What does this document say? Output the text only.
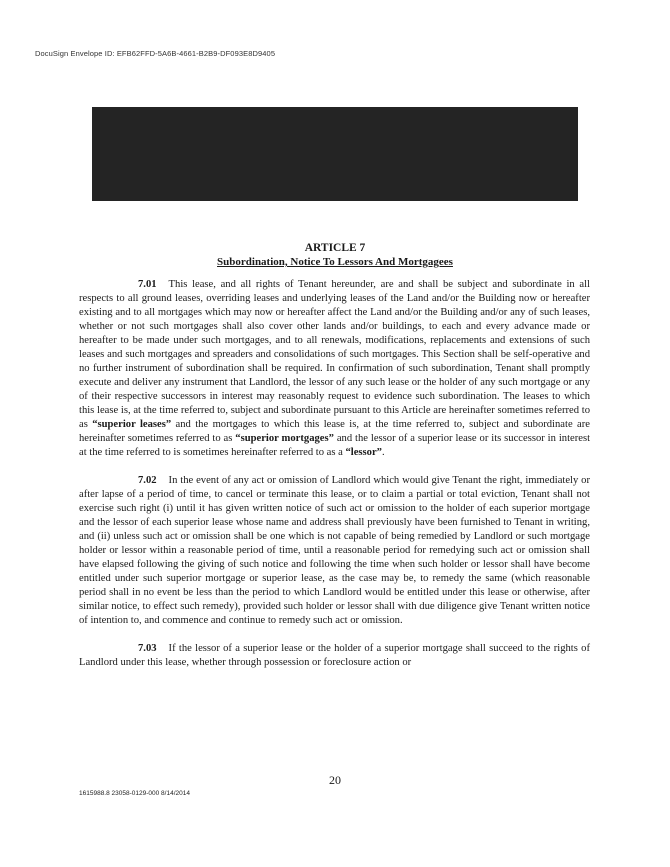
DocuSign Envelope ID: EFB62FFD-5A6B-4661-B2B9-DF093E8D9405
ARTICLE 7
Subordination, Notice To Lessors And Mortgagees

7.01 This lease, and all rights of Tenant hereunder, are and shall be subject and subordinate in all respects to all ground leases, overriding leases and underlying leases of the Land and/or the Building now or hereafter existing and to all mortgages which may now or hereafter affect the Land and/or the Building and/or any of such leases, whether or not such mortgages shall also cover other lands and/or buildings, to each and every advance made or hereafter to be made under such mortgages, and to all renewals, modifications, replacements and extensions of such leases and such mortgages and spreaders and consolidations of such mortgages. This Section shall be self-operative and no further instrument of subordination shall be required. In confirmation of such subordination, Tenant shall promptly execute and deliver any instrument that Landlord, the lessor of any such lease or the holder of any such mortgage or any of their respective successors in interest may reasonably request to evidence such subordination. The leases to which this lease is, at the time referred to, subject and subordinate pursuant to this Article are hereinafter sometimes referred to as “superior leases” and the mortgages to which this lease is, at the time referred to, subject and subordinate are hereinafter sometimes referred to as “superior mortgages” and the lessor of a superior lease or its successor in interest at the time referred to is sometimes hereinafter referred to as a “lessor”.

7.02 In the event of any act or omission of Landlord which would give Tenant the right, immediately or after lapse of a period of time, to cancel or terminate this lease, or to claim a partial or total eviction, Tenant shall not exercise such right (i) until it has given written notice of such act or omission to the holder of each superior mortgage and the lessor of each superior lease whose name and address shall previously have been furnished to Tenant in writing, and (ii) unless such act or omission shall be one which is not capable of being remedied by Landlord or such mortgage holder or lessor within a reasonable period of time, until a reasonable period for remedying such act or omission shall have elapsed following the giving of such notice and following the time when such holder or lessor shall have become entitled under such superior mortgage or superior lease, as the case may be, to remedy the same (which reasonable period shall in no event be less than the period to which Landlord would be entitled under this lease or otherwise, after similar notice, to effect such remedy), provided such holder or lessor shall with due diligence give Tenant written notice of intention to, and commence and continue to remedy such act or omission.

7.03 If the lessor of a superior lease or the holder of a superior mortgage shall succeed to the rights of Landlord under this lease, whether through possession or foreclosure action or

20
1615988.8 23058-0129-000 8/14/2014
